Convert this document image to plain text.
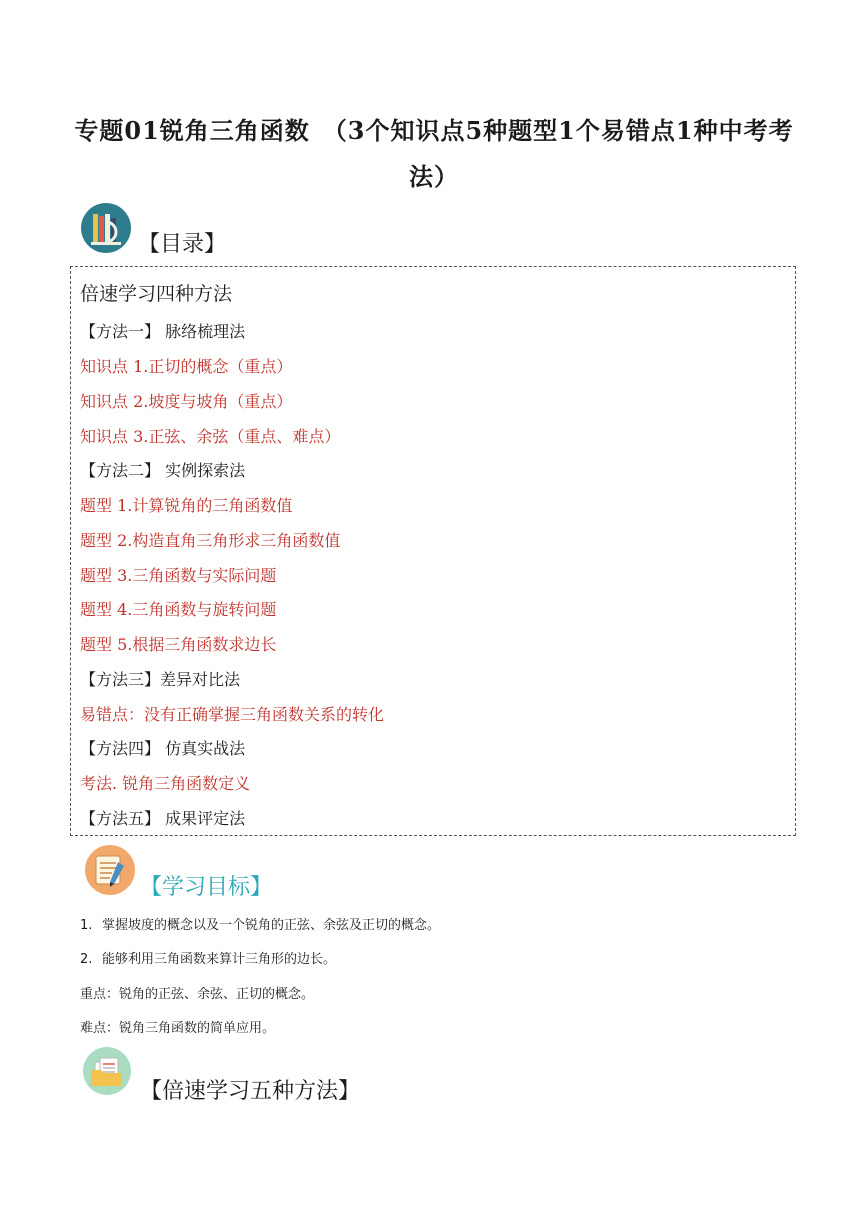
专题01锐角三角函数　（3个知识点5种题型1个易错点1种中考考法）
【目录】
倍速学习四种方法
【方法一】 脉络梳理法
知识点 1.正切的概念（重点）
知识点 2.坡度与坡角（重点）
知识点 3.正弦、余弦（重点、难点）
【方法二】 实例探索法
题型 1.计算锐角的三角函数值
题型 2.构造直角三角形求三角函数值
题型 3.三角函数与实际问题
题型 4.三角函数与旋转问题
题型 5.根据三角函数求边长
【方法三】差异对比法
易错点：没有正确掌握三角函数关系的转化
【方法四】 仿真实战法
考法. 锐角三角函数定义
【方法五】 成果评定法
【学习目标】
1. 掌握坡度的概念以及一个锐角的正弦、余弦及正切的概念。
2. 能够利用三角函数来算计三角形的边长。
重点：锐角的正弦、余弦、正切的概念。
难点：锐角三角函数的简单应用。
【倍速学习五种方法】
